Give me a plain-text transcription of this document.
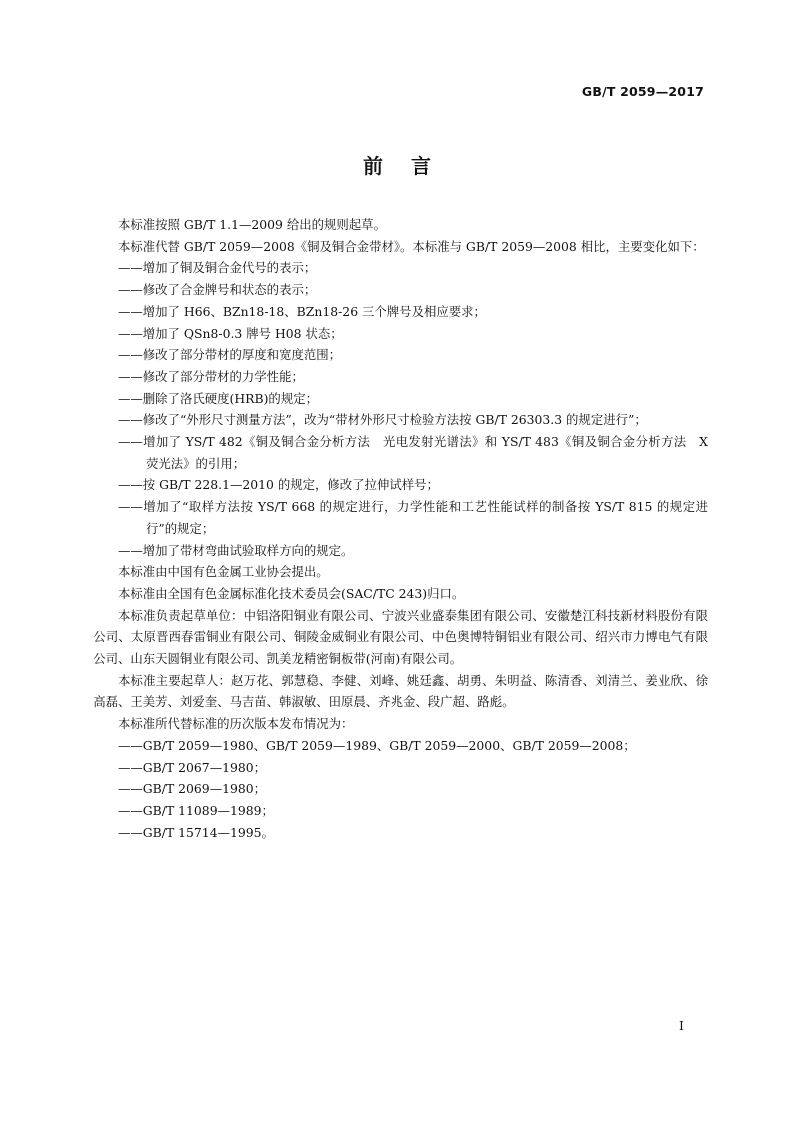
GB/T 2059—2017
前言

本标准按照 GB/T 1.1—2009 给出的规则起草。

本标准代替 GB/T 2059—2008《铜及铜合金带材》。本标准与 GB/T 2059—2008 相比，主要变化如下：

——增加了铜及铜合金代号的表示；
——修改了合金牌号和状态的表示；
——增加了 H66、BZn18-18、BZn18-26 三个牌号及相应要求；
——增加了 QSn8-0.3 牌号 H08 状态；
——修改了部分带材的厚度和宽度范围；
——修改了部分带材的力学性能；
——删除了洛氏硬度(HRB)的规定；
——修改了“外形尺寸测量方法”，改为“带材外形尺寸检验方法按 GB/T 26303.3 的规定进行”；
——增加了 YS/T 482《铜及铜合金分析方法　光电发射光谱法》和 YS/T 483《铜及铜合金分析方法　X 荧光法》的引用；
——按 GB/T 228.1—2010 的规定，修改了拉伸试样号；
——增加了“取样方法按 YS/T 668 的规定进行，力学性能和工艺性能试样的制备按 YS/T 815 的规定进行”的规定；
——增加了带材弯曲试验取样方向的规定。

本标准由中国有色金属工业协会提出。

本标准由全国有色金属标准化技术委员会(SAC/TC 243)归口。

本标准负责起草单位：中铝洛阳铜业有限公司、宁波兴业盛泰集团有限公司、安徽楚江科技新材料股份有限公司、太原晋西春雷铜业有限公司、铜陵金威铜业有限公司、中色奥博特铜铝业有限公司、绍兴市力博电气有限公司、山东天圆铜业有限公司、凯美龙精密铜板带(河南)有限公司。

本标准主要起草人：赵万花、郭慧稳、李健、刘峰、姚廷鑫、胡勇、朱明益、陈清香、刘清兰、姜业欣、徐高磊、王美芳、刘爱奎、马吉苗、韩淑敏、田原晨、齐兆金、段广超、路彪。

本标准所代替标准的历次版本发布情况为：

——GB/T 2059—1980、GB/T 2059—1989、GB/T 2059—2000、GB/T 2059—2008；
——GB/T 2067—1980；
——GB/T 2069—1980；
——GB/T 11089—1989；
——GB/T 15714—1995。
I
